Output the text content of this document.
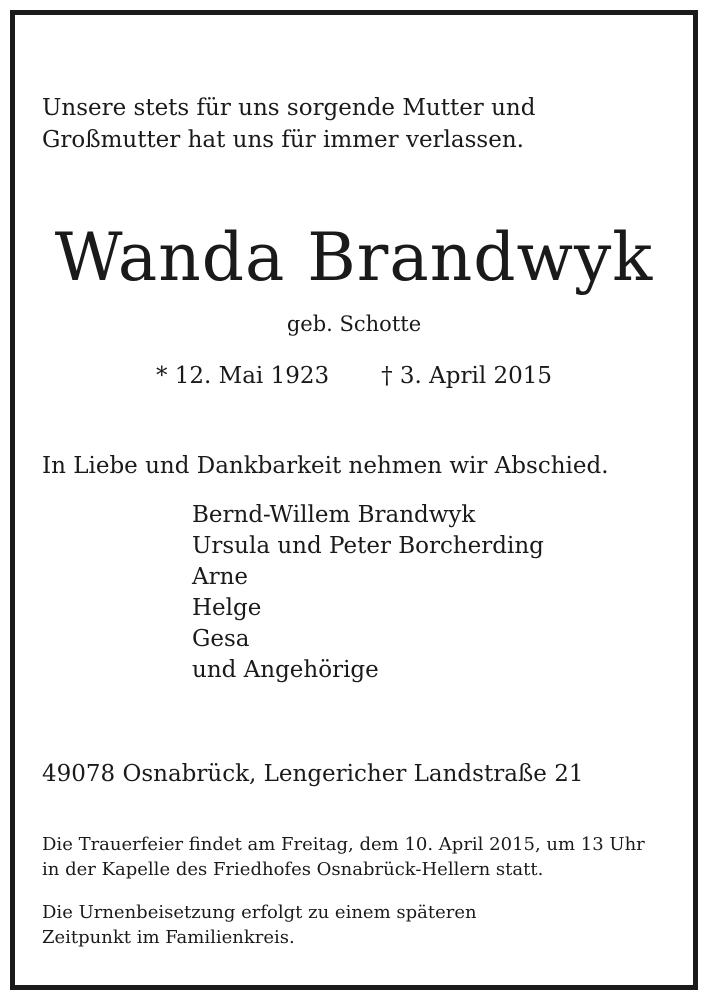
Unsere stets für uns sorgende Mutter und
Großmutter hat uns für immer verlassen.
Wanda Brandwyk
geb. Schotte
* 12. Mai 1923 † 3. April 2015
In Liebe und Dankbarkeit nehmen wir Abschied.
Bernd-Willem Brandwyk
Ursula und Peter Borcherding
Arne
Helge
Gesa
und Angehörige
49078 Osnabrück, Lengericher Landstraße 21
Die Trauerfeier findet am Freitag, dem 10. April 2015, um 13 Uhr
in der Kapelle des Friedhofes Osnabrück-Hellern statt.
Die Urnenbeisetzung erfolgt zu einem späteren
Zeitpunkt im Familienkreis.
